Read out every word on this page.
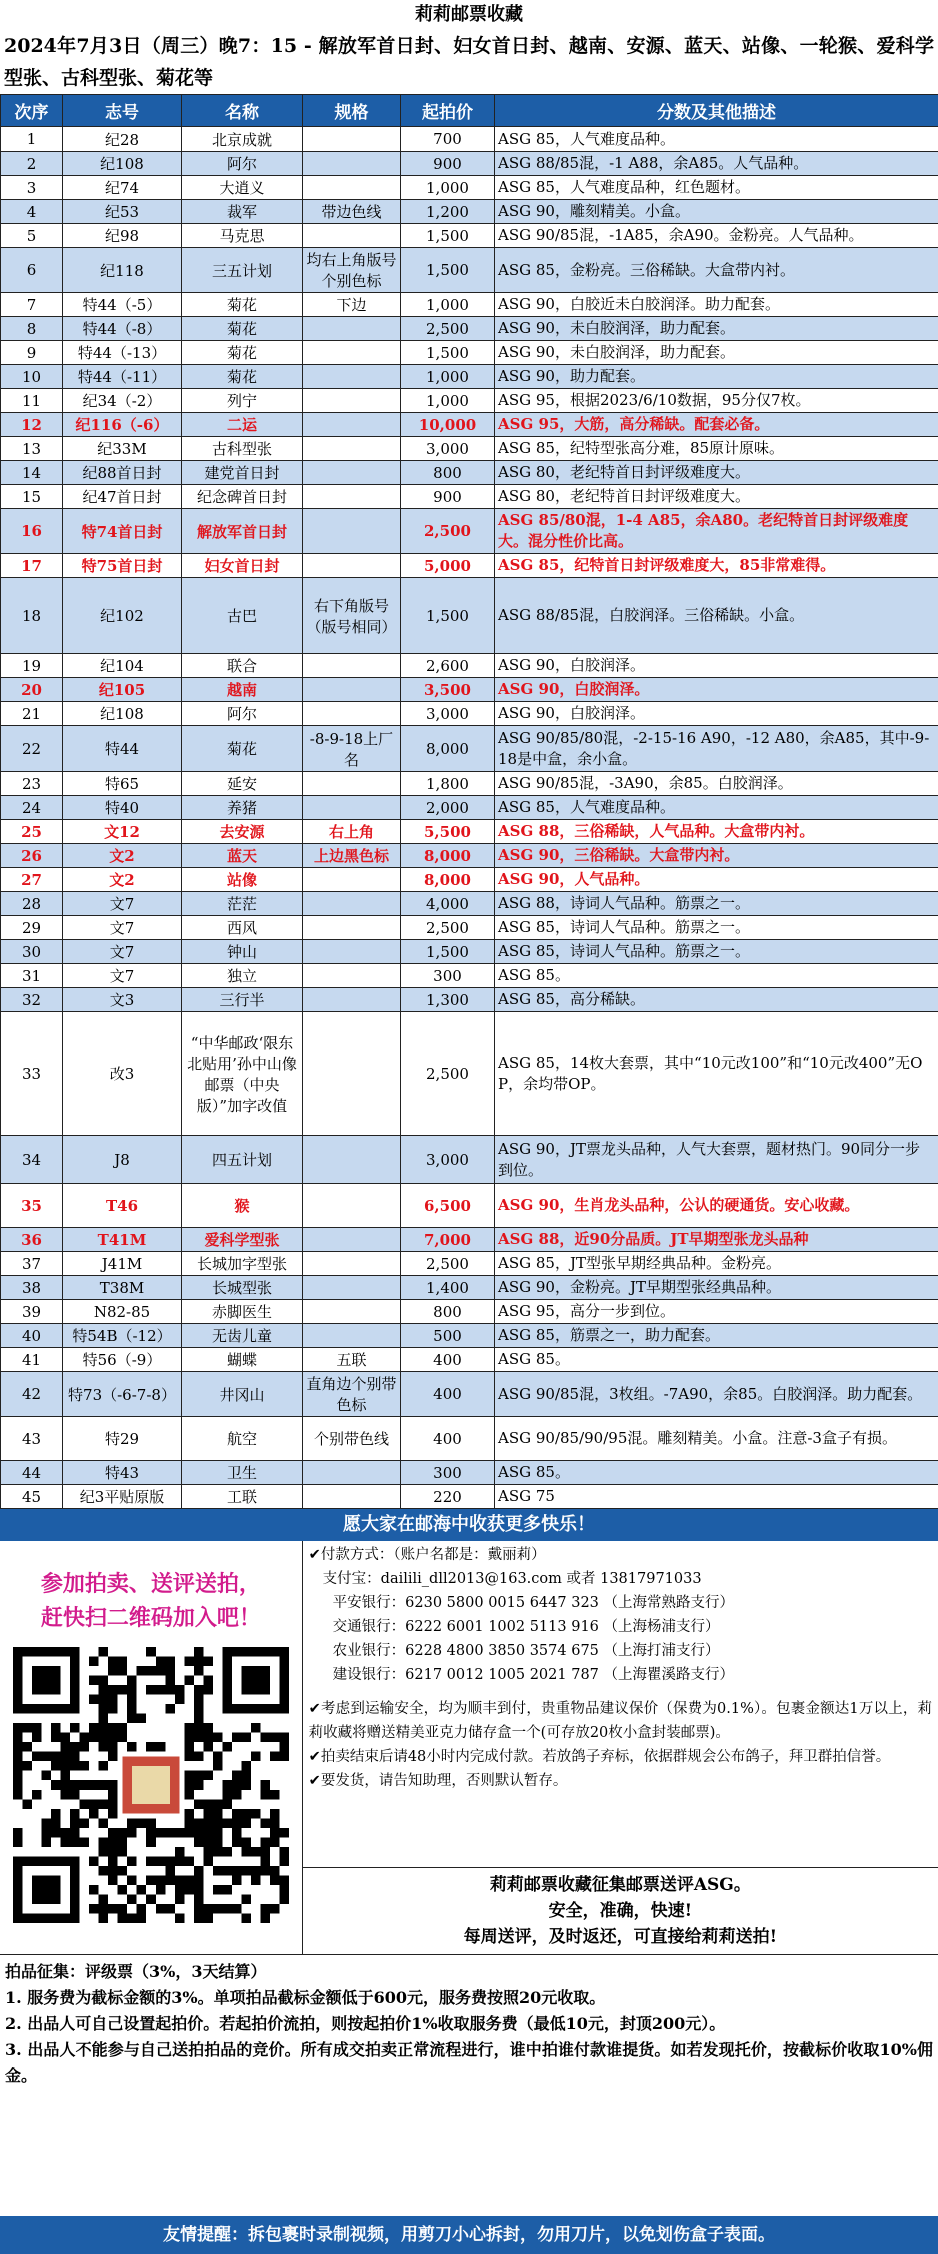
莉莉邮票收藏
2024年7月3日（周三）晚7：15 - 解放军首日封、妇女首日封、越南、安源、蓝天、站像、一轮猴、爱科学型张、古科型张、菊花等
次序	志号	名称	规格	起拍价	分数及其他描述
1	纪28	北京成就		700	ASG 85，人气难度品种。
2	纪108	阿尔		900	ASG 88/85混，-1 A88，余A85。人气品种。
3	纪74	大逍义		1,000	ASG 85，人气难度品种，红色题材。
4	纪53	裁军	带边色线	1,200	ASG 90，雕刻精美。小盒。
5	纪98	马克思		1,500	ASG 90/85混，-1A85，余A90。金粉亮。人气品种。
6	纪118	三五计划	均右上角版号个别色标	1,500	ASG 85，金粉亮。三俗稀缺。大盒带内衬。
7	特44（-5）	菊花	下边	1,000	ASG 90，白胶近未白胶润泽。助力配套。
8	特44（-8）	菊花		2,500	ASG 90，未白胶润泽，助力配套。
9	特44（-13）	菊花		1,500	ASG 90，未白胶润泽，助力配套。
10	特44（-11）	菊花		1,000	ASG 90，助力配套。
11	纪34（-2）	列宁		1,000	ASG 95，根据2023/6/10数据，95分仅7枚。
12	纪116（-6）	二运		10,000	ASG 95，大筋，高分稀缺。配套必备。
13	纪33M	古科型张		3,000	ASG 85，纪特型张高分难，85原计原味。
14	纪88首日封	建党首日封		800	ASG 80，老纪特首日封评级难度大。
15	纪47首日封	纪念碑首日封		900	ASG 80，老纪特首日封评级难度大。
16	特74首日封	解放军首日封		2,500	ASG 85/80混，1-4 A85，余A80。老纪特首日封评级难度大。混分性价比高。
17	特75首日封	妇女首日封		5,000	ASG 85，纪特首日封评级难度大，85非常难得。
18	纪102	古巴	右下角版号（版号相同）	1,500	ASG 88/85混，白胶润泽。三俗稀缺。小盒。
19	纪104	联合		2,600	ASG 90，白胶润泽。
20	纪105	越南		3,500	ASG 90，白胶润泽。
21	纪108	阿尔		3,000	ASG 90，白胶润泽。
22	特44	菊花	-8-9-18上厂名	8,000	ASG 90/85/80混，-2-15-16 A90，-12 A80，余A85，其中-9-18是中盒，余小盒。
23	特65	延安		1,800	ASG 90/85混，-3A90，余85。白胶润泽。
24	特40	养猪		2,000	ASG 85，人气难度品种。
25	文12	去安源	右上角	5,500	ASG 88，三俗稀缺，人气品种。大盒带内衬。
26	文2	蓝天	上边黑色标	8,000	ASG 90，三俗稀缺。大盒带内衬。
27	文2	站像		8,000	ASG 90，人气品种。
28	文7	茫茫		4,000	ASG 88，诗词人气品种。筋票之一。
29	文7	西风		2,500	ASG 85，诗词人气品种。筋票之一。
30	文7	钟山		1,500	ASG 85，诗词人气品种。筋票之一。
31	文7	独立		300	ASG 85。
32	文3	三行半		1,300	ASG 85，高分稀缺。
33	改3	“中华邮政‘限东北贴用’孙中山像邮票（中央版）”加字改值		2,500	ASG 85，14枚大套票，其中“10元改100”和“10元改400”无OP，余均带OP。
34	J8	四五计划		3,000	ASG 90，JT票龙头品种，人气大套票，题材热门。90同分一步到位。
35	T46	猴		6,500	ASG 90，生肖龙头品种，公认的硬通货。安心收藏。
36	T41M	爱科学型张		7,000	ASG 88，近90分品质。JT早期型张龙头品种
37	J41M	长城加字型张		2,500	ASG 85，JT型张早期经典品种。金粉亮。
38	T38M	长城型张		1,400	ASG 90，金粉亮。JT早期型张经典品种。
39	N82-85	赤脚医生		800	ASG 95，高分一步到位。
40	特54B（-12）	无齿儿童		500	ASG 85，筋票之一，助力配套。
41	特56（-9）	蝴蝶	五联	400	ASG 85。
42	特73（-6-7-8）	井冈山	直角边个别带色标	400	ASG 90/85混，3枚组。-7A90，余85。白胶润泽。助力配套。
43	特29	航空	个别带色线	400	ASG 90/85/90/95混。雕刻精美。小盒。注意-3盒子有损。
44	特43	卫生		300	ASG 85。
45	纪3平贴原版	工联		220	ASG 75
愿大家在邮海中收获更多快乐！
参加拍卖、送评送拍，
赶快扫二维码加入吧！
✔付款方式：（账户名都是：戴丽莉）
支付宝：dailili_dll2013@163.com 或者 13817971033
平安银行：6230 5800 0015 6447 323 （上海常熟路支行）
交通银行：6222 6001 1002 5113 916 （上海杨浦支行）
农业银行：6228 4800 3850 3574 675 （上海打浦支行）
建设银行：6217 0012 1005 2021 787 （上海瞿溪路支行）
✔考虑到运输安全，均为顺丰到付，贵重物品建议保价（保费为0.1%）。包裹金额达1万以上，莉莉收藏将赠送精美亚克力储存盒一个(可存放20枚小盒封装邮票)。
✔拍卖结束后请48小时内完成付款。若放鸽子弃标，依据群规会公布鸽子，拜卫群拍信誉。
✔要发货，请告知助理，否则默认暂存。
莉莉邮票收藏征集邮票送评ASG。
安全，准确，快速!
每周送评，及时返还，可直接给莉莉送拍!
拍品征集：评级票（3%，3天结算）
1. 服务费为截标金额的3%。单项拍品截标金额低于600元，服务费按照20元收取。
2. 出品人可自己设置起拍价。若起拍价流拍，则按起拍价1%收取服务费（最低10元，封顶200元）。
3. 出品人不能参与自己送拍拍品的竞价。所有成交拍卖正常流程进行，谁中拍谁付款谁提货。如若发现托价，按截标价收取10%佣金。
友情提醒：拆包裹时录制视频，用剪刀小心拆封，勿用刀片，以免划伤盒子表面。
